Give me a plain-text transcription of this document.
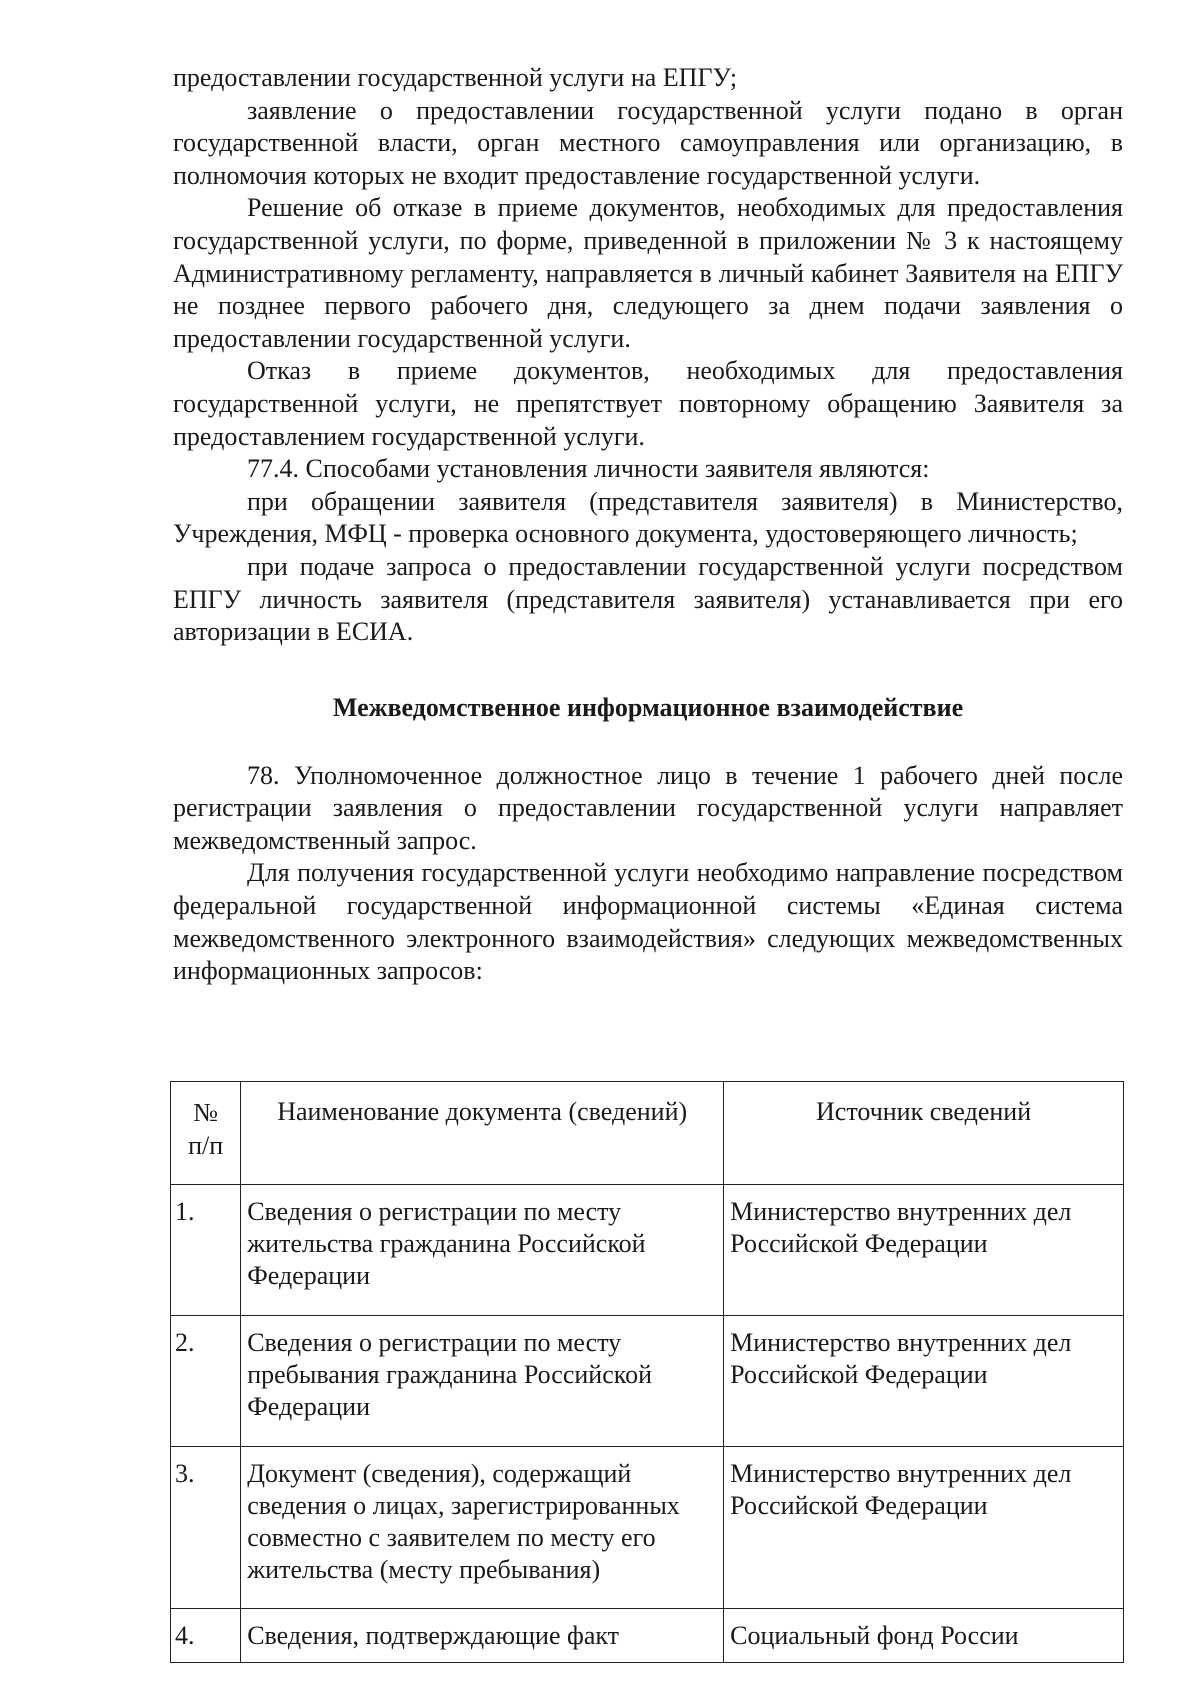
предоставлении государственной услуги на ЕПГУ;

заявление о предоставлении государственной услуги подано в орган государственной власти, орган местного самоуправления или организацию, в полномочия которых не входит предоставление государственной услуги.

Решение об отказе в приеме документов, необходимых для предоставления государственной услуги, по форме, приведенной в приложении № 3 к настоящему Административному регламенту, направляется в личный кабинет Заявителя на ЕПГУ не позднее первого рабочего дня, следующего за днем подачи заявления о предоставлении государственной услуги.

Отказ в приеме документов, необходимых для предоставления государственной услуги, не препятствует повторному обращению Заявителя за предоставлением государственной услуги.

77.4. Способами установления личности заявителя являются:

при обращении заявителя (представителя заявителя) в Министерство, Учреждения, МФЦ - проверка основного документа, удостоверяющего личность;

при подаче запроса о предоставлении государственной услуги посредством ЕПГУ личность заявителя (представителя заявителя) устанавливается при его авторизации в ЕСИА.

Межведомственное информационное взаимодействие

78. Уполномоченное должностное лицо в течение 1 рабочего дней после регистрации заявления о предоставлении государственной услуги направляет межведомственный запрос.

Для получения государственной услуги необходимо направление посредством федеральной государственной информационной системы «Единая система межведомственного электронного взаимодействия» следующих межведомственных информационных запросов:

№
п/п	Наименование документа (сведений)	Источник сведений
1.	Сведения о регистрации по месту жительства гражданина Российской Федерации	Министерство внутренних дел Российской Федерации
2.	Сведения о регистрации по месту пребывания гражданина Российской Федерации	Министерство внутренних дел Российской Федерации
3.	Документ (сведения), содержащий сведения о лицах, зарегистрированных совместно с заявителем по месту его жительства (месту пребывания)	Министерство внутренних дел Российской Федерации
4.	Сведения, подтверждающие факт	Социальный фонд России
